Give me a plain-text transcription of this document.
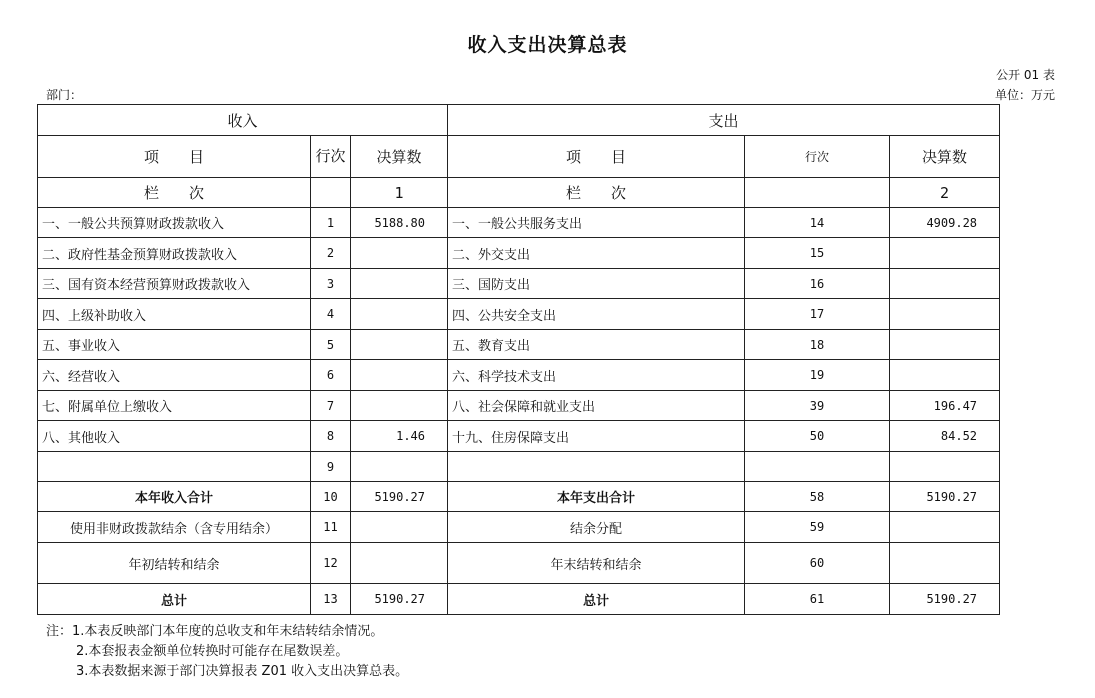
收入支出决算总表
公开 01 表
部门：	单位：万元
收入			支出		
项　　目	行次	决算数	项　　目	行次	决算数
栏　　次		1	栏　　次		2
一、一般公共预算财政拨款收入	1	5188.80	一、一般公共服务支出	14	4909.28
二、政府性基金预算财政拨款收入	2		二、外交支出	15	
三、国有资本经营预算财政拨款收入	3		三、国防支出	16	
四、上级补助收入	4		四、公共安全支出	17	
五、事业收入	5		五、教育支出	18	
六、经营收入	6		六、科学技术支出	19	
七、附属单位上缴收入	7		八、社会保障和就业支出	39	196.47
八、其他收入	8	1.46	十九、住房保障支出	50	84.52
	9				
本年收入合计	10	5190.27	本年支出合计	58	5190.27
使用非财政拨款结余（含专用结余）	11		结余分配	59	
年初结转和结余	12		年末结转和结余	60	
总计	13	5190.27	总计	61	5190.27
注：1.本表反映部门本年度的总收支和年末结转结余情况。
2.本套报表金额单位转换时可能存在尾数误差。
3.本表数据来源于部门决算报表 Z01 收入支出决算总表。
